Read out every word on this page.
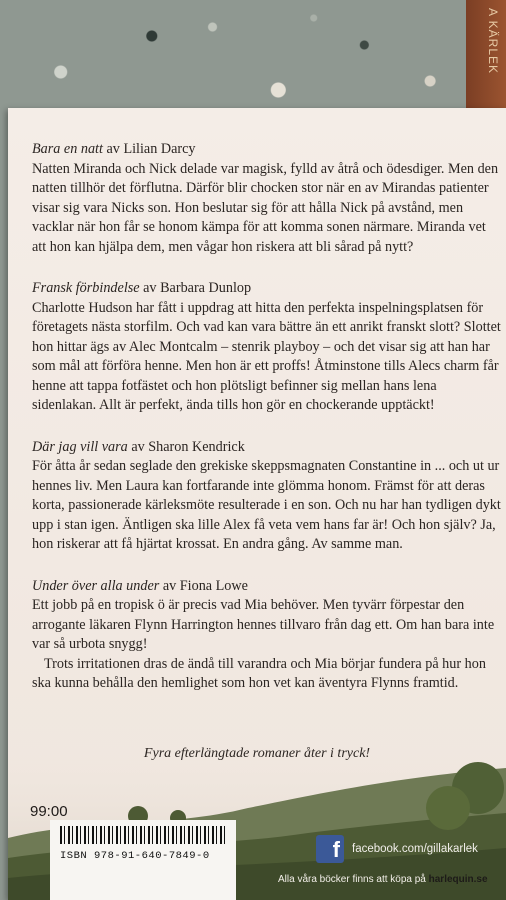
A KÄRLEK
Bara en natt av Lilian Darcy
Natten Miranda och Nick delade var magisk, fylld av åtrå och ödesdiger. Men den natten tillhör det förflutna. Därför blir chocken stor när en av Mirandas patienter visar sig vara Nicks son. Hon beslutar sig för att hålla Nick på avstånd, men vacklar när hon får se honom kämpa för att komma sonen närmare. Miranda vet att hon kan hjälpa dem, men vågar hon riskera att bli sårad på nytt?
Fransk förbindelse av Barbara Dunlop
Charlotte Hudson har fått i uppdrag att hitta den perfekta inspelningsplatsen för företagets nästa storfilm. Och vad kan vara bättre än ett anrikt franskt slott? Slottet hon hittar ägs av Alec Montcalm – stenrik playboy – och det visar sig att han har som mål att förföra henne. Men hon är ett proffs! Åtminstone tills Alecs charm får henne att tappa fotfästet och hon plötsligt befinner sig mellan hans lena sidenlakan. Allt är perfekt, ända tills hon gör en chockerande upptäckt!
Där jag vill vara av Sharon Kendrick
För åtta år sedan seglade den grekiske skeppsmagnaten Constantine in ... och ut ur hennes liv. Men Laura kan fortfarande inte glömma honom. Främst för att deras korta, passionerade kärleksmöte resulterade i en son. Och nu har han tydligen dykt upp i stan igen. Äntligen ska lille Alex få veta vem hans far är! Och hon själv? Ja, hon riskerar att få hjärtat krossat. En andra gång. Av samme man.
Under över alla under av Fiona Lowe
Ett jobb på en tropisk ö är precis vad Mia behöver. Men tyvärr förpestar den arrogante läkaren Flynn Harrington hennes tillvaro från dag ett. Om han bara inte var så urbota snygg!
Trots irritationen dras de ändå till varandra och Mia börjar fundera på hur hon ska kunna behålla den hemlighet som hon vet kan äventyra Flynns framtid.
Fyra efterlängtade romaner åter i tryck!
99:00
ISBN 978-91-640-7849-0	f	facebook.com/gillakarlek
Alla våra böcker finns att köpa på harlequin.se
